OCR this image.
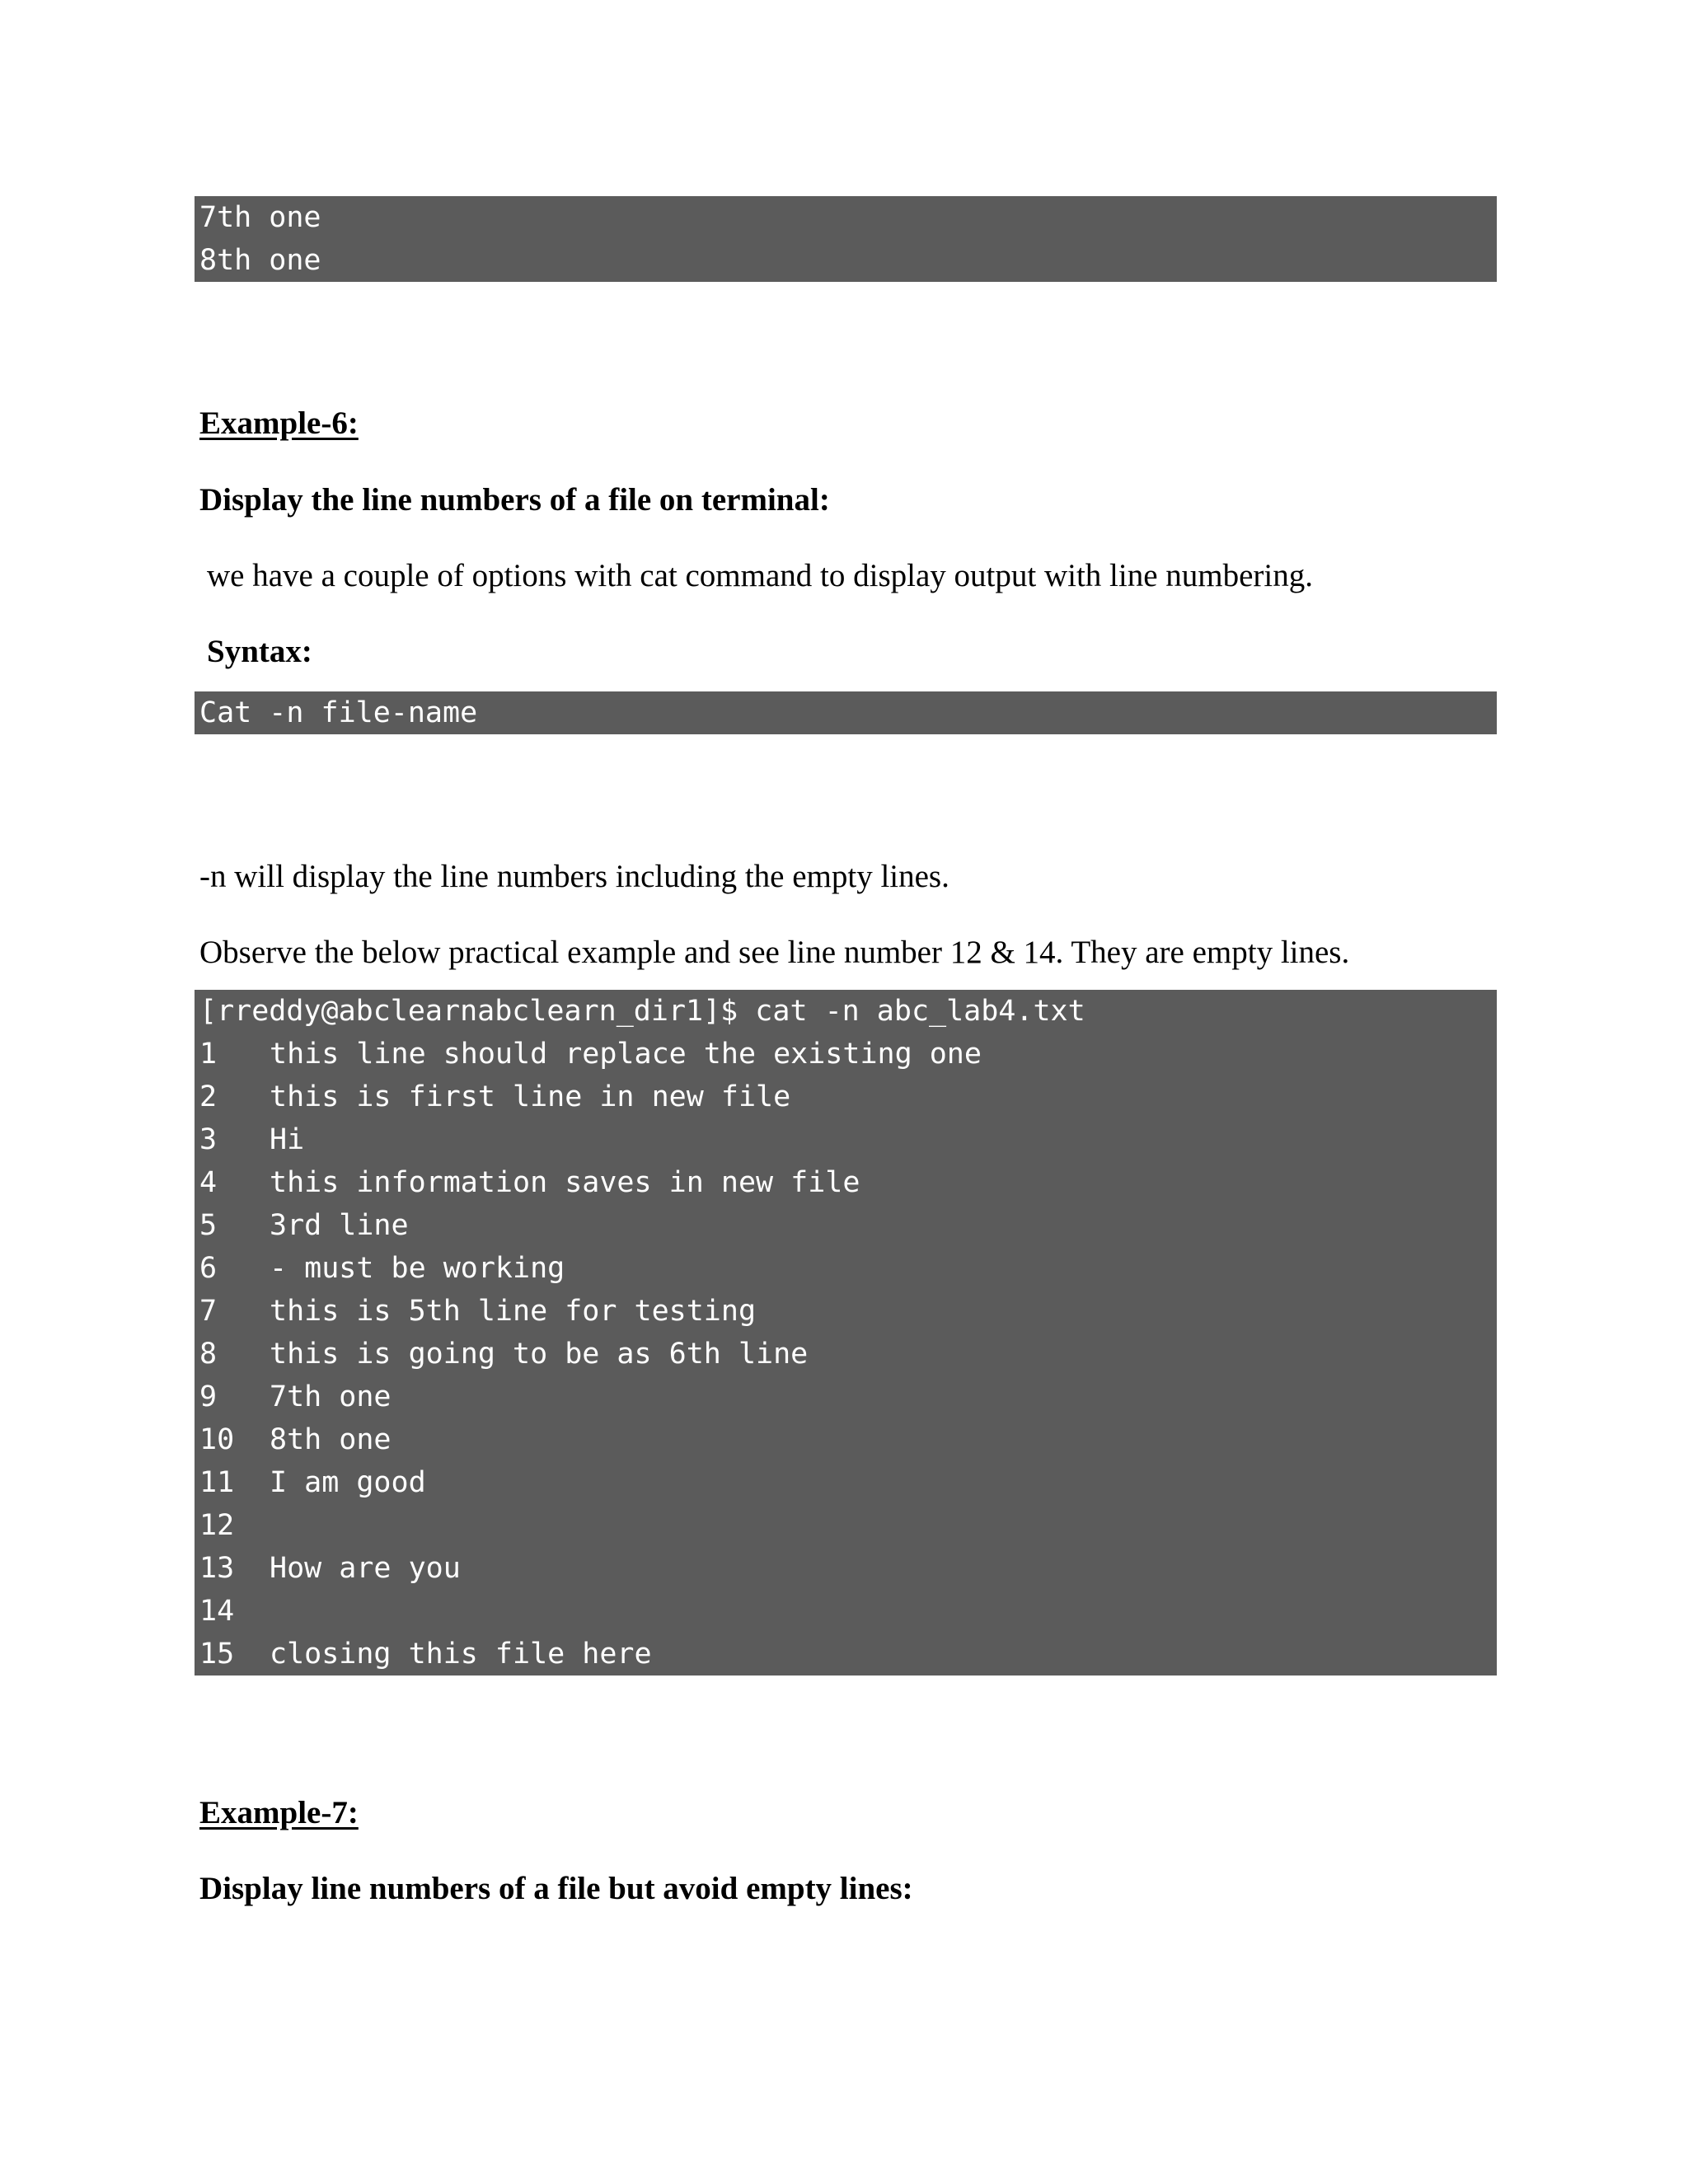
7th one
8th one
Example-6:
Display the line numbers of a file on terminal:
we have a couple of options with cat command to display output with line numbering.
Syntax:
Cat -n file-name
-n will display the line numbers including the empty lines.
Observe the below practical example and see line number 12 & 14. They are empty lines.
[rreddy@abclearnabclearn_dir1]$ cat -n abc_lab4.txt
1 this line should replace the existing one
2 this is first line in new file
3 Hi
4 this information saves in new file
5 3rd line
6 - must be working
7 this is 5th line for testing
8 this is going to be as 6th line
9 7th one
10 8th one
11 I am good
12
13 How are you
14
15 closing this file here
Example-7:
Display line numbers of a file but avoid empty lines:
